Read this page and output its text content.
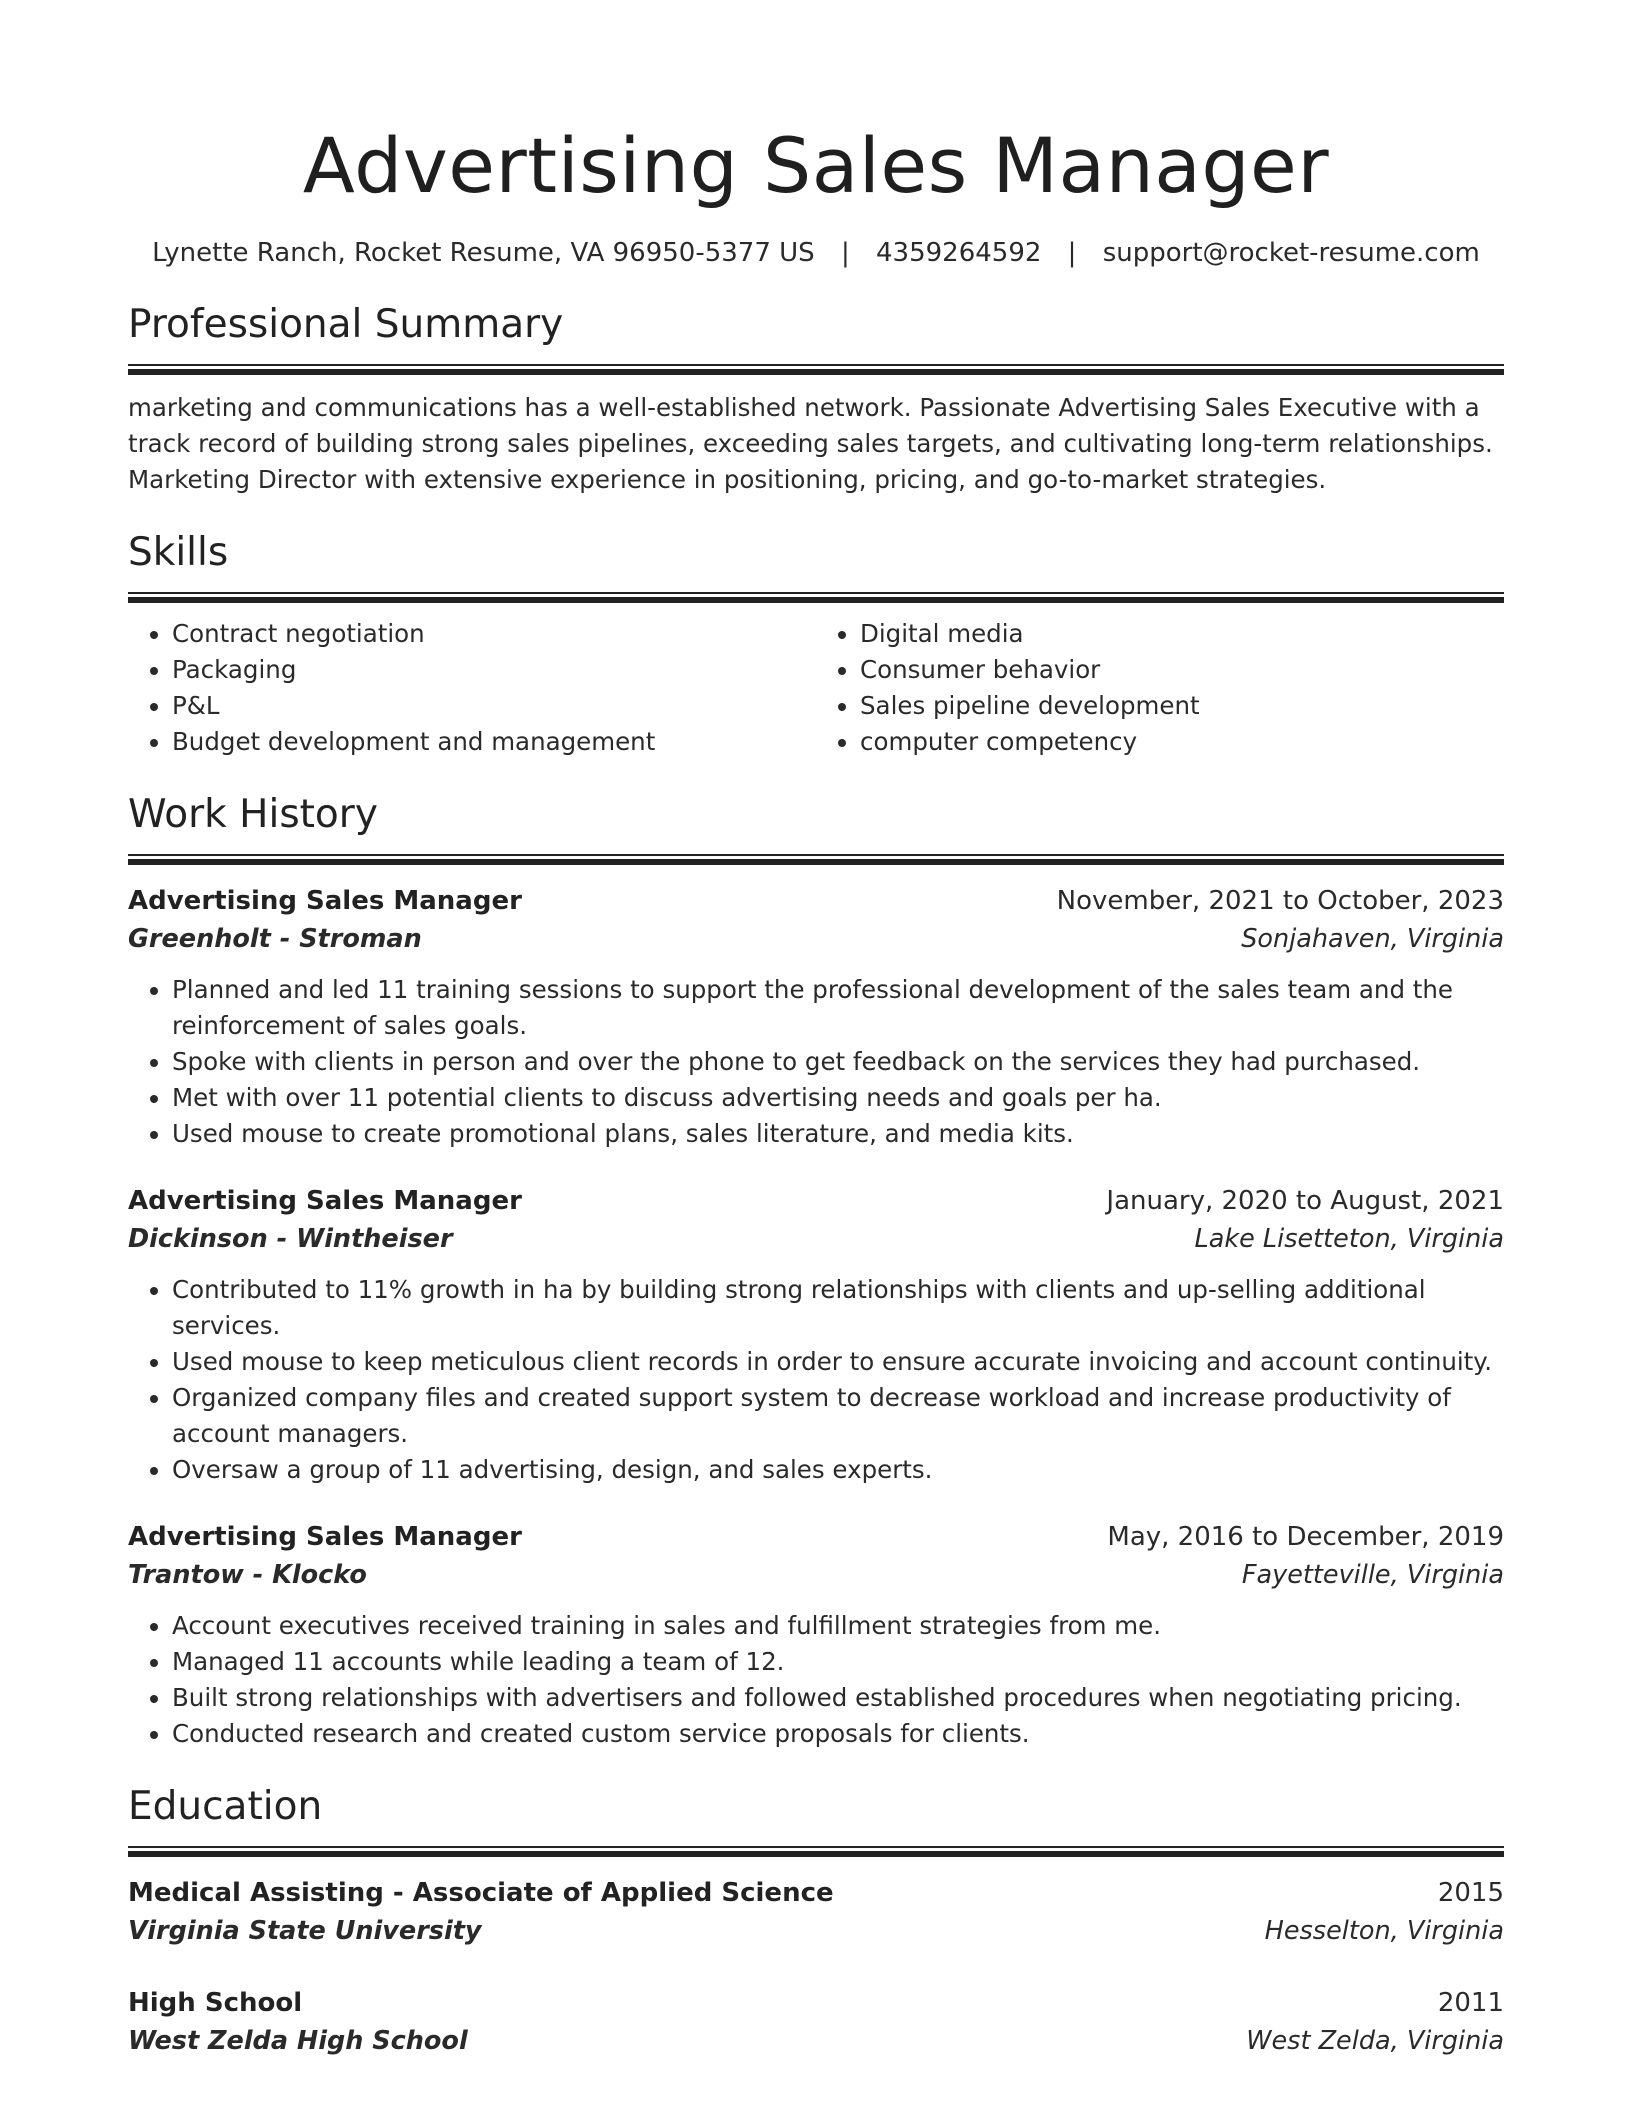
Advertising Sales Manager
Lynette Ranch, Rocket Resume, VA 96950-5377 US | 4359264592 | support@rocket-resume.com
Professional Summary
marketing and communications has a well-established network. Passionate Advertising Sales Executive with a track record of building strong sales pipelines, exceeding sales targets, and cultivating long-term relationships. Marketing Director with extensive experience in positioning, pricing, and go-to-market strategies.
Skills
• Contract negotiation
• Packaging
• P&L
• Budget development and management
• Digital media
• Consumer behavior
• Sales pipeline development
• computer competency
Work History
Advertising Sales Manager	November, 2021 to October, 2023
Greenholt - Stroman	Sonjahaven, Virginia
• Planned and led 11 training sessions to support the professional development of the sales team and the reinforcement of sales goals.
• Spoke with clients in person and over the phone to get feedback on the services they had purchased.
• Met with over 11 potential clients to discuss advertising needs and goals per ha.
• Used mouse to create promotional plans, sales literature, and media kits.
Advertising Sales Manager	January, 2020 to August, 2021
Dickinson - Wintheiser	Lake Lisetteton, Virginia
• Contributed to 11% growth in ha by building strong relationships with clients and up-selling additional services.
• Used mouse to keep meticulous client records in order to ensure accurate invoicing and account continuity.
• Organized company files and created support system to decrease workload and increase productivity of account managers.
• Oversaw a group of 11 advertising, design, and sales experts.
Advertising Sales Manager	May, 2016 to December, 2019
Trantow - Klocko	Fayetteville, Virginia
• Account executives received training in sales and fulfillment strategies from me.
• Managed 11 accounts while leading a team of 12.
• Built strong relationships with advertisers and followed established procedures when negotiating pricing.
• Conducted research and created custom service proposals for clients.
Education
Medical Assisting - Associate of Applied Science	2015
Virginia State University	Hesselton, Virginia
High School	2011
West Zelda High School	West Zelda, Virginia
